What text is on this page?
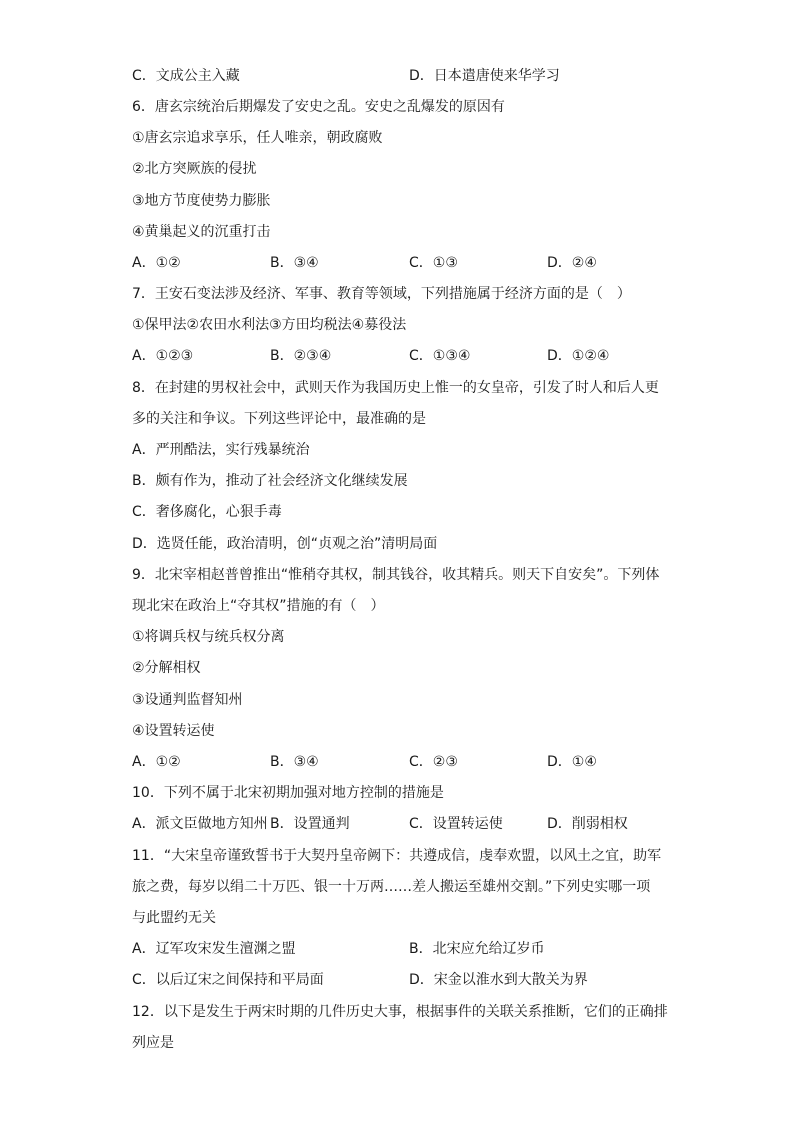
C．文成公主入藏	D．日本遣唐使来华学习
6．唐玄宗统治后期爆发了安史之乱。安史之乱爆发的原因有
①唐玄宗追求享乐，任人唯亲，朝政腐败
②北方突厥族的侵扰
③地方节度使势力膨胀
④黄巢起义的沉重打击
A．①②	B．③④	C．①③	D．②④
7．王安石变法涉及经济、军事、教育等领域，下列措施属于经济方面的是（　）
①保甲法②农田水利法③方田均税法④募役法
A．①②③	B．②③④	C．①③④	D．①②④
8．在封建的男权社会中，武则天作为我国历史上惟一的女皇帝，引发了时人和后人更
多的关注和争议。下列这些评论中，最准确的是
A．严刑酷法，实行残暴统治
B．颇有作为，推动了社会经济文化继续发展
C．奢侈腐化，心狠手毒
D．选贤任能，政治清明，创“贞观之治”清明局面
9．北宋宰相赵普曾推出“惟稍夺其权，制其钱谷，收其精兵。则天下自安矣”。下列体
现北宋在政治上“夺其权”措施的有（　）
①将调兵权与统兵权分离
②分解相权
③设通判监督知州
④设置转运使
A．①②	B．③④	C．②③	D．①④
10．下列不属于北宋初期加强对地方控制的措施是
A．派文臣做地方知州 B．设置通判	C．设置转运使	D．削弱相权
11．“大宋皇帝谨致誓书于大契丹皇帝阙下：共遵成信，虔奉欢盟，以风土之宜，助军
旅之费，每岁以绢二十万匹、银一十万两……差人搬运至雄州交割。”下列史实哪一项
与此盟约无关
A．辽军攻宋发生澶渊之盟	B．北宋应允给辽岁币
C．以后辽宋之间保持和平局面	D．宋金以淮水到大散关为界
12．以下是发生于两宋时期的几件历史大事，根据事件的关联关系推断，它们的正确排
列应是
